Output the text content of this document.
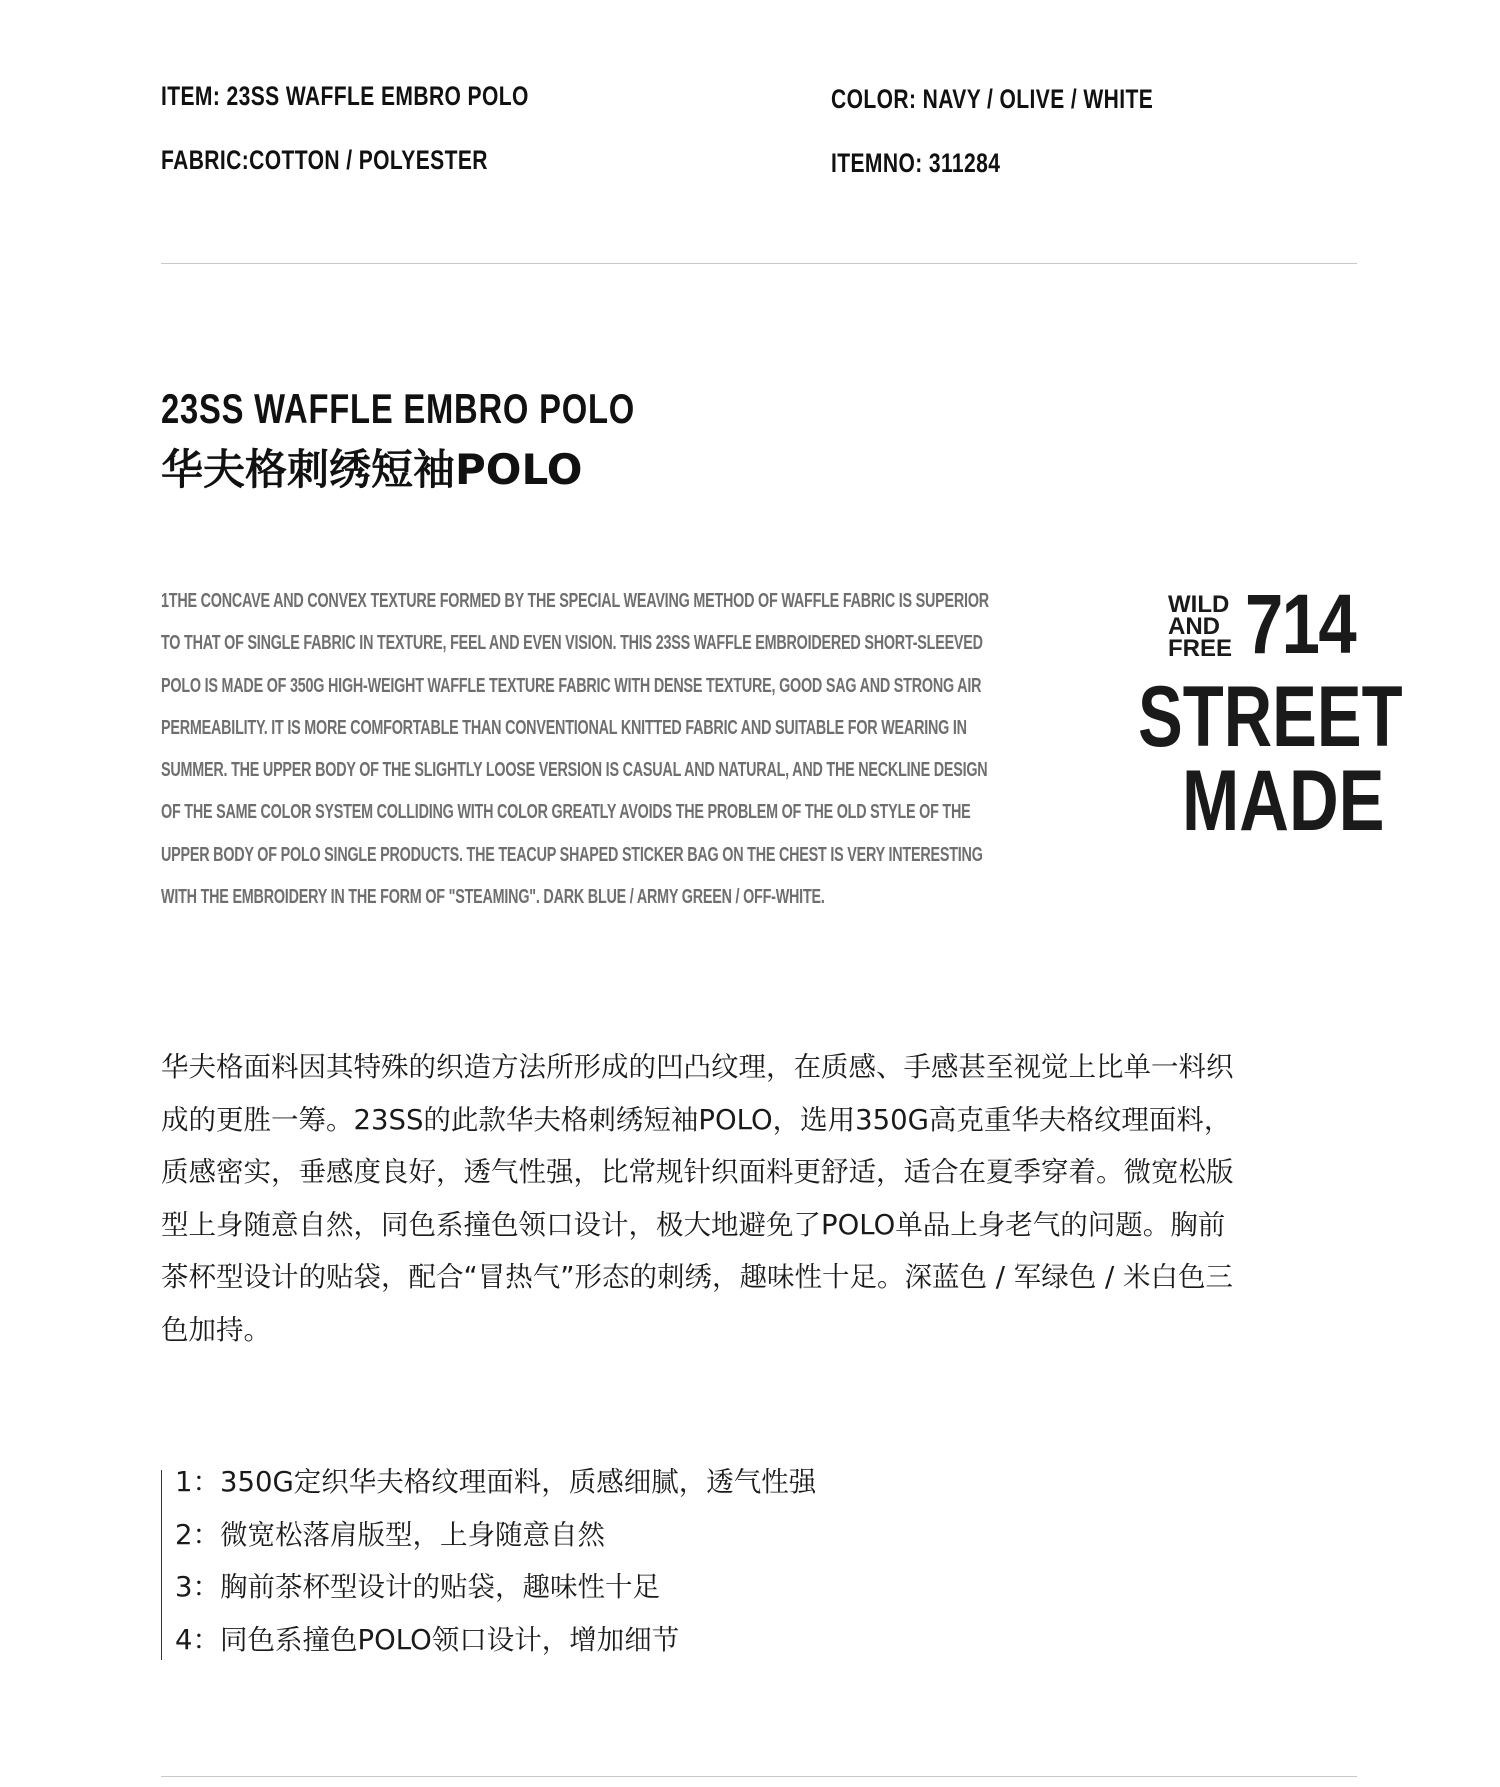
ITEM: 23SS WAFFLE EMBRO POLO
FABRIC:COTTON / POLYESTER
COLOR: NAVY / OLIVE / WHITE
ITEMNO: 311284
23SS WAFFLE EMBRO POLO
华夫格刺绣短袖POLO
1THE CONCAVE AND CONVEX TEXTURE FORMED BY THE SPECIAL WEAVING METHOD OF WAFFLE FABRIC IS SUPERIOR
TO THAT OF SINGLE FABRIC IN TEXTURE, FEEL AND EVEN VISION. THIS 23SS WAFFLE EMBROIDERED SHORT-SLEEVED
POLO IS MADE OF 350G HIGH-WEIGHT WAFFLE TEXTURE FABRIC WITH DENSE TEXTURE, GOOD SAG AND STRONG AIR
PERMEABILITY. IT IS MORE COMFORTABLE THAN CONVENTIONAL KNITTED FABRIC AND SUITABLE FOR WEARING IN
SUMMER. THE UPPER BODY OF THE SLIGHTLY LOOSE VERSION IS CASUAL AND NATURAL, AND THE NECKLINE DESIGN
OF THE SAME COLOR SYSTEM COLLIDING WITH COLOR GREATLY AVOIDS THE PROBLEM OF THE OLD STYLE OF THE
UPPER BODY OF POLO SINGLE PRODUCTS. THE TEACUP SHAPED STICKER BAG ON THE CHEST IS VERY INTERESTING
WITH THE EMBROIDERY IN THE FORM OF "STEAMING". DARK BLUE / ARMY GREEN / OFF-WHITE.
WILD
AND
FREE 714
STREET
MADE
华夫格面料因其特殊的织造方法所形成的凹凸纹理，在质感、手感甚至视觉上比单一料织
成的更胜一筹。23SS的此款华夫格刺绣短袖POLO，选用350G高克重华夫格纹理面料，
质感密实，垂感度良好，透气性强，比常规针织面料更舒适，适合在夏季穿着。微宽松版
型上身随意自然，同色系撞色领口设计，极大地避免了POLO单品上身老气的问题。胸前
茶杯型设计的贴袋，配合“冒热气”形态的刺绣，趣味性十足。深蓝色 / 军绿色 / 米白色三
色加持。
1：350G定织华夫格纹理面料，质感细腻，透气性强
2：微宽松落肩版型，上身随意自然
3：胸前茶杯型设计的贴袋，趣味性十足
4：同色系撞色POLO领口设计，增加细节
